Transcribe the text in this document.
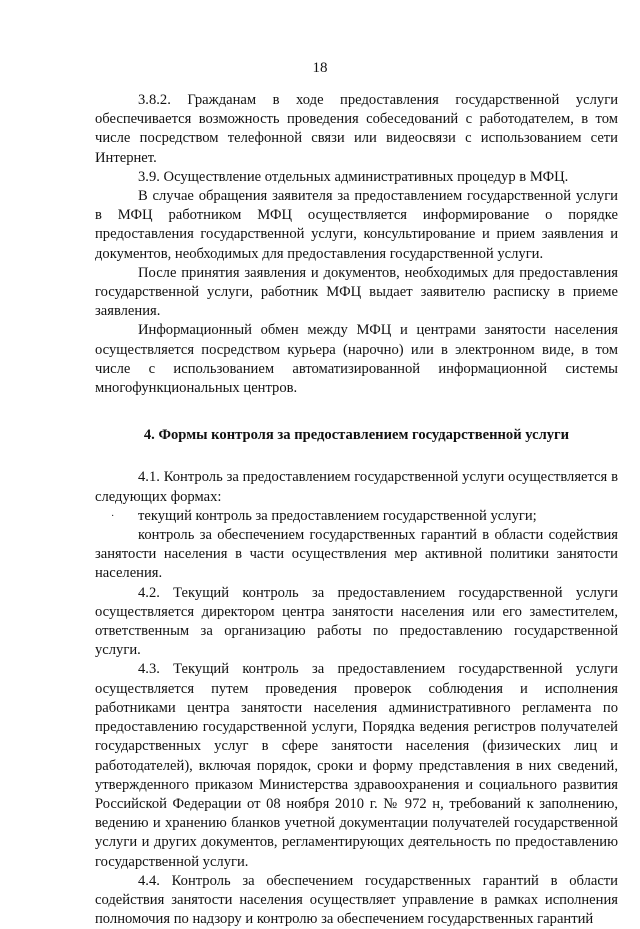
18

3.8.2. Гражданам в ходе предоставления государственной услуги обеспечивается возможность проведения собеседований с работодателем, в том числе посредством телефонной связи или видеосвязи с использованием сети Интернет.

3.9. Осуществление отдельных административных процедур в МФЦ.

В случае обращения заявителя за предоставлением государственной услуги в МФЦ работником МФЦ осуществляется информирование о порядке предоставления государственной услуги, консультирование и прием заявления и документов, необходимых для предоставления государственной услуги.

После принятия заявления и документов, необходимых для предоставления государственной услуги, работник МФЦ выдает заявителю расписку в приеме заявления.

Информационный обмен между МФЦ и центрами занятости населения осуществляется посредством курьера (нарочно) или в электронном виде, в том числе с использованием автоматизированной информационной системы многофункциональных центров.

4. Формы контроля за предоставлением государственной услуги

4.1. Контроль за предоставлением государственной услуги осуществляется в следующих формах:

· текущий контроль за предоставлением государственной услуги;

контроль за обеспечением государственных гарантий в области содействия занятости населения в части осуществления мер активной политики занятости населения.

4.2. Текущий контроль за предоставлением государственной услуги осуществляется директором центра занятости населения или его заместителем, ответственным за организацию работы по предоставлению государственной услуги.

4.3. Текущий контроль за предоставлением государственной услуги осуществляется путем проведения проверок соблюдения и исполнения работниками центра занятости населения административного регламента по предоставлению государственной услуги, Порядка ведения регистров получателей государственных услуг в сфере занятости населения (физических лиц и работодателей), включая порядок, сроки и форму представления в них сведений, утвержденного приказом Министерства здравоохранения и социального развития Российской Федерации от 08 ноября 2010 г. № 972 н, требований к заполнению, ведению и хранению бланков учетной документации получателей государственной услуги и других документов, регламентирующих деятельность по предоставлению государственной услуги.

4.4. Контроль за обеспечением государственных гарантий в области содействия занятости населения осуществляет управление в рамках исполнения полномочия по надзору и контролю за обеспечением государственных гарантий
